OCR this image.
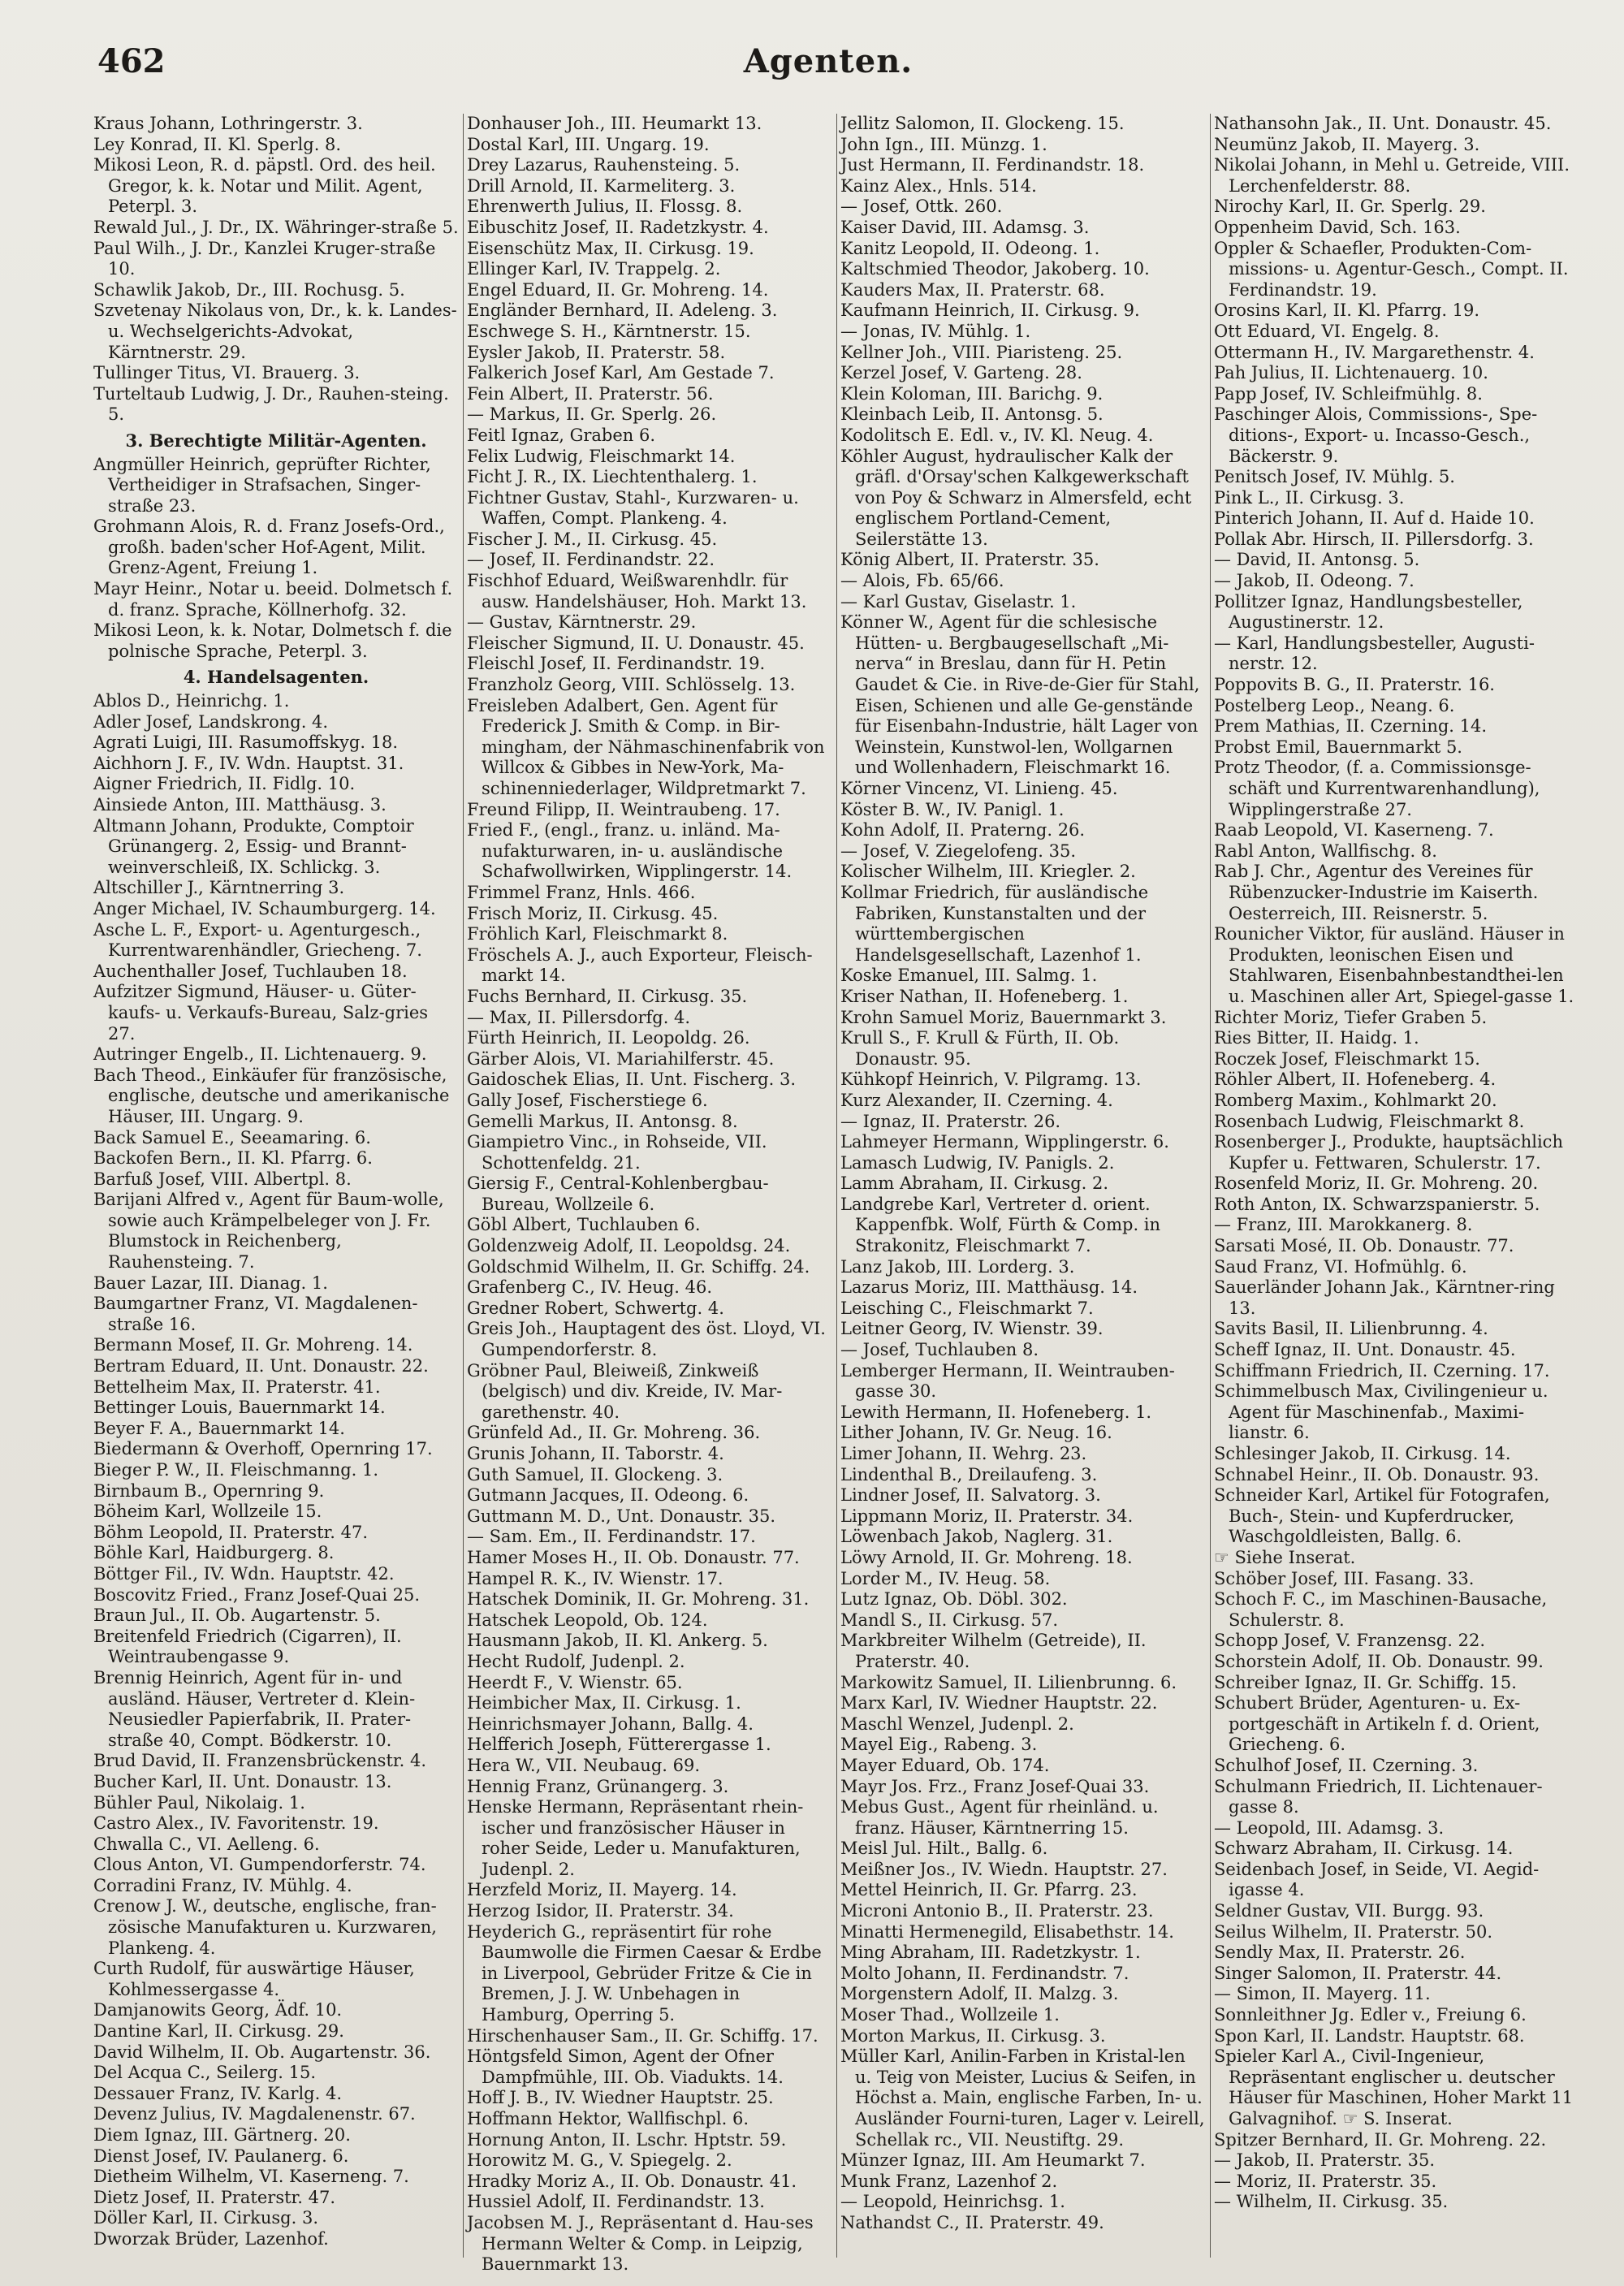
462	Agenten.

Kraus Johann, Lothringerstr. 3.

Ley Konrad, II. Kl. Sperlg. 8.

Mikosi Leon, R. d. päpstl. Ord. des heil. Gregor, k. k. Notar und Milit. Agent, Peterpl. 3.

Rewald Jul., J. Dr., IX. Währinger-straße 5.

Paul Wilh., J. Dr., Kanzlei Kruger-straße 10.

Schawlik Jakob, Dr., III. Rochusg. 5.

Szvetenay Nikolaus von, Dr., k. k. Landes- u. Wechselgerichts-Advokat, Kärntnerstr. 29.

Tullinger Titus, VI. Brauerg. 3.

Turteltaub Ludwig, J. Dr., Rauhen-steing. 5.

3. Berechtigte Militär-Agenten.

Angmüller Heinrich, geprüfter Richter, Vertheidiger in Strafsachen, Singer-straße 23.

Grohmann Alois, R. d. Franz Josefs-Ord., großh. baden'scher Hof-Agent, Milit. Grenz-Agent, Freiung 1.

Mayr Heinr., Notar u. beeid. Dolmetsch f. d. franz. Sprache, Köllnerhofg. 32.

Mikosi Leon, k. k. Notar, Dolmetsch f. die polnische Sprache, Peterpl. 3.

4. Handelsagenten.

Ablos D., Heinrichg. 1.

Adler Josef, Landskrong. 4.

Agrati Luigi, III. Rasumoffskyg. 18.

Aichhorn J. F., IV. Wdn. Hauptst. 31.

Aigner Friedrich, II. Fidlg. 10.

Ainsiede Anton, III. Matthäusg. 3.

Altmann Johann, Produkte, Comptoir Grünangerg. 2, Essig- und Brannt-weinverschleiß, IX. Schlickg. 3.

Altschiller J., Kärntnerring 3.

Anger Michael, IV. Schaumburgerg. 14.

Asche L. F., Export- u. Agenturgesch., Kurrentwarenhändler, Griecheng. 7.

Auchenthaller Josef, Tuchlauben 18.

Aufzitzer Sigmund, Häuser- u. Güter-kaufs- u. Verkaufs-Bureau, Salz-gries 27.

Autringer Engelb., II. Lichtenauerg. 9.

Bach Theod., Einkäufer für französische, englische, deutsche und amerikanische Häuser, III. Ungarg. 9.

Back Samuel E., Seeamaring. 6.

Backofen Bern., II. Kl. Pfarrg. 6.

Barfuß Josef, VIII. Albertpl. 8.

Barijani Alfred v., Agent für Baum-wolle, sowie auch Krämpelbeleger von J. Fr. Blumstock in Reichenberg, Rauhensteing. 7.

Bauer Lazar, III. Dianag. 1.

Baumgartner Franz, VI. Magdalenen-straße 16.

Bermann Mosef, II. Gr. Mohreng. 14.

Bertram Eduard, II. Unt. Donaustr. 22.

Bettelheim Max, II. Praterstr. 41.

Bettinger Louis, Bauernmarkt 14.

Beyer F. A., Bauernmarkt 14.

Biedermann & Overhoff, Opernring 17.

Bieger P. W., II. Fleischmanng. 1.

Birnbaum B., Opernring 9.

Böheim Karl, Wollzeile 15.

Böhm Leopold, II. Praterstr. 47.

Böhle Karl, Haidburgerg. 8.

Böttger Fil., IV. Wdn. Hauptstr. 42.

Boscovitz Fried., Franz Josef-Quai 25.

Braun Jul., II. Ob. Augartenstr. 5.

Breitenfeld Friedrich (Cigarren), II. Weintraubengasse 9.

Brennig Heinrich, Agent für in- und ausländ. Häuser, Vertreter d. Klein-Neusiedler Papierfabrik, II. Prater-straße 40, Compt. Bödkerstr. 10.

Brud David, II. Franzensbrückenstr. 4.

Bucher Karl, II. Unt. Donaustr. 13.

Bühler Paul, Nikolaig. 1.

Castro Alex., IV. Favoritenstr. 19.

Chwalla C., VI. Aelleng. 6.

Clous Anton, VI. Gumpendorferstr. 74.

Corradini Franz, IV. Mühlg. 4.

Crenow J. W., deutsche, englische, fran-zösische Manufakturen u. Kurzwaren, Plankeng. 4.

Curth Rudolf, für auswärtige Häuser, Kohlmessergasse 4.

Damjanowits Georg, Ädf. 10.

Dantine Karl, II. Cirkusg. 29.

David Wilhelm, II. Ob. Augartenstr. 36.

Del Acqua C., Seilerg. 15.

Dessauer Franz, IV. Karlg. 4.

Devenz Julius, IV. Magdalenenstr. 67.

Diem Ignaz, III. Gärtnerg. 20.

Dienst Josef, IV. Paulanerg. 6.

Dietheim Wilhelm, VI. Kaserneng. 7.

Dietz Josef, II. Praterstr. 47.

Döller Karl, II. Cirkusg. 3.

Dworzak Brüder, Lazenhof.

Donhauser Joh., III. Heumarkt 13.

Dostal Karl, III. Ungarg. 19.

Drey Lazarus, Rauhensteing. 5.

Drill Arnold, II. Karmeliterg. 3.

Ehrenwerth Julius, II. Flossg. 8.

Eibuschitz Josef, II. Radetzkystr. 4.

Eisenschütz Max, II. Cirkusg. 19.

Ellinger Karl, IV. Trappelg. 2.

Engel Eduard, II. Gr. Mohreng. 14.

Engländer Bernhard, II. Adeleng. 3.

Eschwege S. H., Kärntnerstr. 15.

Eysler Jakob, II. Praterstr. 58.

Falkerich Josef Karl, Am Gestade 7.

Fein Albert, II. Praterstr. 56.

— Markus, II. Gr. Sperlg. 26.

Feitl Ignaz, Graben 6.

Felix Ludwig, Fleischmarkt 14.

Ficht J. R., IX. Liechtenthalerg. 1.

Fichtner Gustav, Stahl-, Kurzwaren- u. Waffen, Compt. Plankeng. 4.

Fischer J. M., II. Cirkusg. 45.

— Josef, II. Ferdinandstr. 22.

Fischhof Eduard, Weißwarenhdlr. für ausw. Handelshäuser, Hoh. Markt 13.

— Gustav, Kärntnerstr. 29.

Fleischer Sigmund, II. U. Donaustr. 45.

Fleischl Josef, II. Ferdinandstr. 19.

Franzholz Georg, VIII. Schlösselg. 13.

Freisleben Adalbert, Gen. Agent für Frederick J. Smith & Comp. in Bir-mingham, der Nähmaschinenfabrik von Willcox & Gibbes in New-York, Ma-schinenniederlager, Wildpretmarkt 7.

Freund Filipp, II. Weintraubeng. 17.

Fried F., (engl., franz. u. inländ. Ma-nufakturwaren, in- u. ausländische Schafwollwirken, Wipplingerstr. 14.

Frimmel Franz, Hnls. 466.

Frisch Moriz, II. Cirkusg. 45.

Fröhlich Karl, Fleischmarkt 8.

Fröschels A. J., auch Exporteur, Fleisch-markt 14.

Fuchs Bernhard, II. Cirkusg. 35.

— Max, II. Pillersdorfg. 4.

Fürth Heinrich, II. Leopoldg. 26.

Gärber Alois, VI. Mariahilferstr. 45.

Gaidoschek Elias, II. Unt. Fischerg. 3.

Gally Josef, Fischerstiege 6.

Gemelli Markus, II. Antonsg. 8.

Giampietro Vinc., in Rohseide, VII. Schottenfeldg. 21.

Giersig F., Central-Kohlenbergbau-Bureau, Wollzeile 6.

Göbl Albert, Tuchlauben 6.

Goldenzweig Adolf, II. Leopoldsg. 24.

Goldschmid Wilhelm, II. Gr. Schiffg. 24.

Grafenberg C., IV. Heug. 46.

Gredner Robert, Schwertg. 4.

Greis Joh., Hauptagent des öst. Lloyd, VI. Gumpendorferstr. 8.

Gröbner Paul, Bleiweiß, Zinkweiß (belgisch) und div. Kreide, IV. Mar-garethenstr. 40.

Grünfeld Ad., II. Gr. Mohreng. 36.

Grunis Johann, II. Taborstr. 4.

Guth Samuel, II. Glockeng. 3.

Gutmann Jacques, II. Odeong. 6.

Guttmann M. D., Unt. Donaustr. 35.

— Sam. Em., II. Ferdinandstr. 17.

Hamer Moses H., II. Ob. Donaustr. 77.

Hampel R. K., IV. Wienstr. 17.

Hatschek Dominik, II. Gr. Mohreng. 31.

Hatschek Leopold, Ob. 124.

Hausmann Jakob, II. Kl. Ankerg. 5.

Hecht Rudolf, Judenpl. 2.

Heerdt F., V. Wienstr. 65.

Heimbicher Max, II. Cirkusg. 1.

Heinrichsmayer Johann, Ballg. 4.

Helfferich Joseph, Fütterergasse 1.

Hera W., VII. Neubaug. 69.

Hennig Franz, Grünangerg. 3.

Henske Hermann, Repräsentant rhein-ischer und französischer Häuser in roher Seide, Leder u. Manufakturen, Judenpl. 2.

Herzfeld Moriz, II. Mayerg. 14.

Herzog Isidor, II. Praterstr. 34.

Heyderich G., repräsentirt für rohe Baumwolle die Firmen Caesar & Erdbe in Liverpool, Gebrüder Fritze & Cie in Bremen, J. J. W. Unbehagen in Hamburg, Operring 5.

Hirschenhauser Sam., II. Gr. Schiffg. 17.

Höntgsfeld Simon, Agent der Ofner Dampfmühle, III. Ob. Viadukts. 14.

Hoff J. B., IV. Wiedner Hauptstr. 25.

Hoffmann Hektor, Wallfischpl. 6.

Hornung Anton, II. Lschr. Hptstr. 59.

Horowitz M. G., V. Spiegelg. 2.

Hradky Moriz A., II. Ob. Donaustr. 41.

Hussiel Adolf, II. Ferdinandstr. 13.

Jacobsen M. J., Repräsentant d. Hau-ses Hermann Welter & Comp. in Leipzig, Bauernmarkt 13.

Jellitz Salomon, II. Glockeng. 15.

John Ign., III. Münzg. 1.

Just Hermann, II. Ferdinandstr. 18.

Kainz Alex., Hnls. 514.

— Josef, Ottk. 260.

Kaiser David, III. Adamsg. 3.

Kanitz Leopold, II. Odeong. 1.

Kaltschmied Theodor, Jakoberg. 10.

Kauders Max, II. Praterstr. 68.

Kaufmann Heinrich, II. Cirkusg. 9.

— Jonas, IV. Mühlg. 1.

Kellner Joh., VIII. Piaristeng. 25.

Kerzel Josef, V. Garteng. 28.

Klein Koloman, III. Barichg. 9.

Kleinbach Leib, II. Antonsg. 5.

Kodolitsch E. Edl. v., IV. Kl. Neug. 4.

Köhler August, hydraulischer Kalk der gräfl. d'Orsay'schen Kalkgewerkschaft von Poy & Schwarz in Almersfeld, echt englischem Portland-Cement, Seilerstätte 13.

König Albert, II. Praterstr. 35.

— Alois, Fb. 65/66.

— Karl Gustav, Giselastr. 1.

Könner W., Agent für die schlesische Hütten- u. Bergbaugesellschaft „Mi-nerva“ in Breslau, dann für H. Petin Gaudet & Cie. in Rive-de-Gier für Stahl, Eisen, Schienen und alle Ge-genstände für Eisenbahn-Industrie, hält Lager von Weinstein, Kunstwol-len, Wollgarnen und Wollenhadern, Fleischmarkt 16.

Körner Vincenz, VI. Linieng. 45.

Köster B. W., IV. Panigl. 1.

Kohn Adolf, II. Praterng. 26.

— Josef, V. Ziegelofeng. 35.

Kolischer Wilhelm, III. Kriegler. 2.

Kollmar Friedrich, für ausländische Fabriken, Kunstanstalten und der württembergischen Handelsgesellschaft, Lazenhof 1.

Koske Emanuel, III. Salmg. 1.

Kriser Nathan, II. Hofeneberg. 1.

Krohn Samuel Moriz, Bauernmarkt 3.

Krull S., F. Krull & Fürth, II. Ob. Donaustr. 95.

Kühkopf Heinrich, V. Pilgramg. 13.

Kurz Alexander, II. Czerning. 4.

— Ignaz, II. Praterstr. 26.

Lahmeyer Hermann, Wipplingerstr. 6.

Lamasch Ludwig, IV. Panigls. 2.

Lamm Abraham, II. Cirkusg. 2.

Landgrebe Karl, Vertreter d. orient. Kappenfbk. Wolf, Fürth & Comp. in Strakonitz, Fleischmarkt 7.

Lanz Jakob, III. Lorderg. 3.

Lazarus Moriz, III. Matthäusg. 14.

Leisching C., Fleischmarkt 7.

Leitner Georg, IV. Wienstr. 39.

— Josef, Tuchlauben 8.

Lemberger Hermann, II. Weintrauben-gasse 30.

Lewith Hermann, II. Hofeneberg. 1.

Lither Johann, IV. Gr. Neug. 16.

Limer Johann, II. Wehrg. 23.

Lindenthal B., Dreilaufeng. 3.

Lindner Josef, II. Salvatorg. 3.

Lippmann Moriz, II. Praterstr. 34.

Löwenbach Jakob, Naglerg. 31.

Löwy Arnold, II. Gr. Mohreng. 18.

Lorder M., IV. Heug. 58.

Lutz Ignaz, Ob. Döbl. 302.

Mandl S., II. Cirkusg. 57.

Markbreiter Wilhelm (Getreide), II. Praterstr. 40.

Markowitz Samuel, II. Lilienbrunng. 6.

Marx Karl, IV. Wiedner Hauptstr. 22.

Maschl Wenzel, Judenpl. 2.

Mayel Eig., Rabeng. 3.

Mayer Eduard, Ob. 174.

Mayr Jos. Frz., Franz Josef-Quai 33.

Mebus Gust., Agent für rheinländ. u. franz. Häuser, Kärntnerring 15.

Meisl Jul. Hilt., Ballg. 6.

Meißner Jos., IV. Wiedn. Hauptstr. 27.

Mettel Heinrich, II. Gr. Pfarrg. 23.

Microni Antonio B., II. Praterstr. 23.

Minatti Hermenegild, Elisabethstr. 14.

Ming Abraham, III. Radetzkystr. 1.

Molto Johann, II. Ferdinandstr. 7.

Morgenstern Adolf, II. Malzg. 3.

Moser Thad., Wollzeile 1.

Morton Markus, II. Cirkusg. 3.

Müller Karl, Anilin-Farben in Kristal-len u. Teig von Meister, Lucius & Seifen, in Höchst a. Main, englische Farben, In- u. Ausländer Fourni-turen, Lager v. Leirell, Schellak rc., VII. Neustiftg. 29.

Münzer Ignaz, III. Am Heumarkt 7.

Munk Franz, Lazenhof 2.

— Leopold, Heinrichsg. 1.

Nathandst C., II. Praterstr. 49.

Nathansohn Jak., II. Unt. Donaustr. 45.

Neumünz Jakob, II. Mayerg. 3.

Nikolai Johann, in Mehl u. Getreide, VIII. Lerchenfelderstr. 88.

Nirochy Karl, II. Gr. Sperlg. 29.

Oppenheim David, Sch. 163.

Oppler & Schaefler, Produkten-Com-missions- u. Agentur-Gesch., Compt. II. Ferdinandstr. 19.

Orosins Karl, II. Kl. Pfarrg. 19.

Ott Eduard, VI. Engelg. 8.

Ottermann H., IV. Margarethenstr. 4.

Pah Julius, II. Lichtenauerg. 10.

Papp Josef, IV. Schleifmühlg. 8.

Paschinger Alois, Commissions-, Spe-ditions-, Export- u. Incasso-Gesch., Bäckerstr. 9.

Penitsch Josef, IV. Mühlg. 5.

Pink L., II. Cirkusg. 3.

Pinterich Johann, II. Auf d. Haide 10.

Pollak Abr. Hirsch, II. Pillersdorfg. 3.

— David, II. Antonsg. 5.

— Jakob, II. Odeong. 7.

Pollitzer Ignaz, Handlungsbesteller, Augustinerstr. 12.

— Karl, Handlungsbesteller, Augusti-nerstr. 12.

Poppovits B. G., II. Praterstr. 16.

Postelberg Leop., Neang. 6.

Prem Mathias, II. Czerning. 14.

Probst Emil, Bauernmarkt 5.

Protz Theodor, (f. a. Commissionsge-schäft und Kurrentwarenhandlung), Wipplingerstraße 27.

Raab Leopold, VI. Kaserneng. 7.

Rabl Anton, Wallfischg. 8.

Rab J. Chr., Agentur des Vereines für Rübenzucker-Industrie im Kaiserth. Oesterreich, III. Reisnerstr. 5.

Rounicher Viktor, für ausländ. Häuser in Produkten, leonischen Eisen und Stahlwaren, Eisenbahnbestandthei-len u. Maschinen aller Art, Spiegel-gasse 1.

Richter Moriz, Tiefer Graben 5.

Ries Bitter, II. Haidg. 1.

Roczek Josef, Fleischmarkt 15.

Röhler Albert, II. Hofeneberg. 4.

Romberg Maxim., Kohlmarkt 20.

Rosenbach Ludwig, Fleischmarkt 8.

Rosenberger J., Produkte, hauptsächlich Kupfer u. Fettwaren, Schulerstr. 17.

Rosenfeld Moriz, II. Gr. Mohreng. 20.

Roth Anton, IX. Schwarzspanierstr. 5.

— Franz, III. Marokkanerg. 8.

Sarsati Mosé, II. Ob. Donaustr. 77.

Saud Franz, VI. Hofmühlg. 6.

Sauerländer Johann Jak., Kärntner-ring 13.

Savits Basil, II. Lilienbrunng. 4.

Scheff Ignaz, II. Unt. Donaustr. 45.

Schiffmann Friedrich, II. Czerning. 17.

Schimmelbusch Max, Civilingenieur u. Agent für Maschinenfab., Maximi-lianstr. 6.

Schlesinger Jakob, II. Cirkusg. 14.

Schnabel Heinr., II. Ob. Donaustr. 93.

Schneider Karl, Artikel für Fotografen, Buch-, Stein- und Kupferdrucker, Waschgoldleisten, Ballg. 6.

☞ Siehe Inserat.

Schöber Josef, III. Fasang. 33.

Schoch F. C., im Maschinen-Bausache, Schulerstr. 8.

Schopp Josef, V. Franzensg. 22.

Schorstein Adolf, II. Ob. Donaustr. 99.

Schreiber Ignaz, II. Gr. Schiffg. 15.

Schubert Brüder, Agenturen- u. Ex-portgeschäft in Artikeln f. d. Orient, Griecheng. 6.

Schulhof Josef, II. Czerning. 3.

Schulmann Friedrich, II. Lichtenauer-gasse 8.

— Leopold, III. Adamsg. 3.

Schwarz Abraham, II. Cirkusg. 14.

Seidenbach Josef, in Seide, VI. Aegid-igasse 4.

Seldner Gustav, VII. Burgg. 93.

Seilus Wilhelm, II. Praterstr. 50.

Sendly Max, II. Praterstr. 26.

Singer Salomon, II. Praterstr. 44.

— Simon, II. Mayerg. 11.

Sonnleithner Jg. Edler v., Freiung 6.

Spon Karl, II. Landstr. Hauptstr. 68.

Spieler Karl A., Civil-Ingenieur, Repräsentant englischer u. deutscher Häuser für Maschinen, Hoher Markt 11 Galvagnihof. ☞ S. Inserat.

Spitzer Bernhard, II. Gr. Mohreng. 22.

— Jakob, II. Praterstr. 35.

— Moriz, II. Praterstr. 35.

— Wilhelm, II. Cirkusg. 35.
